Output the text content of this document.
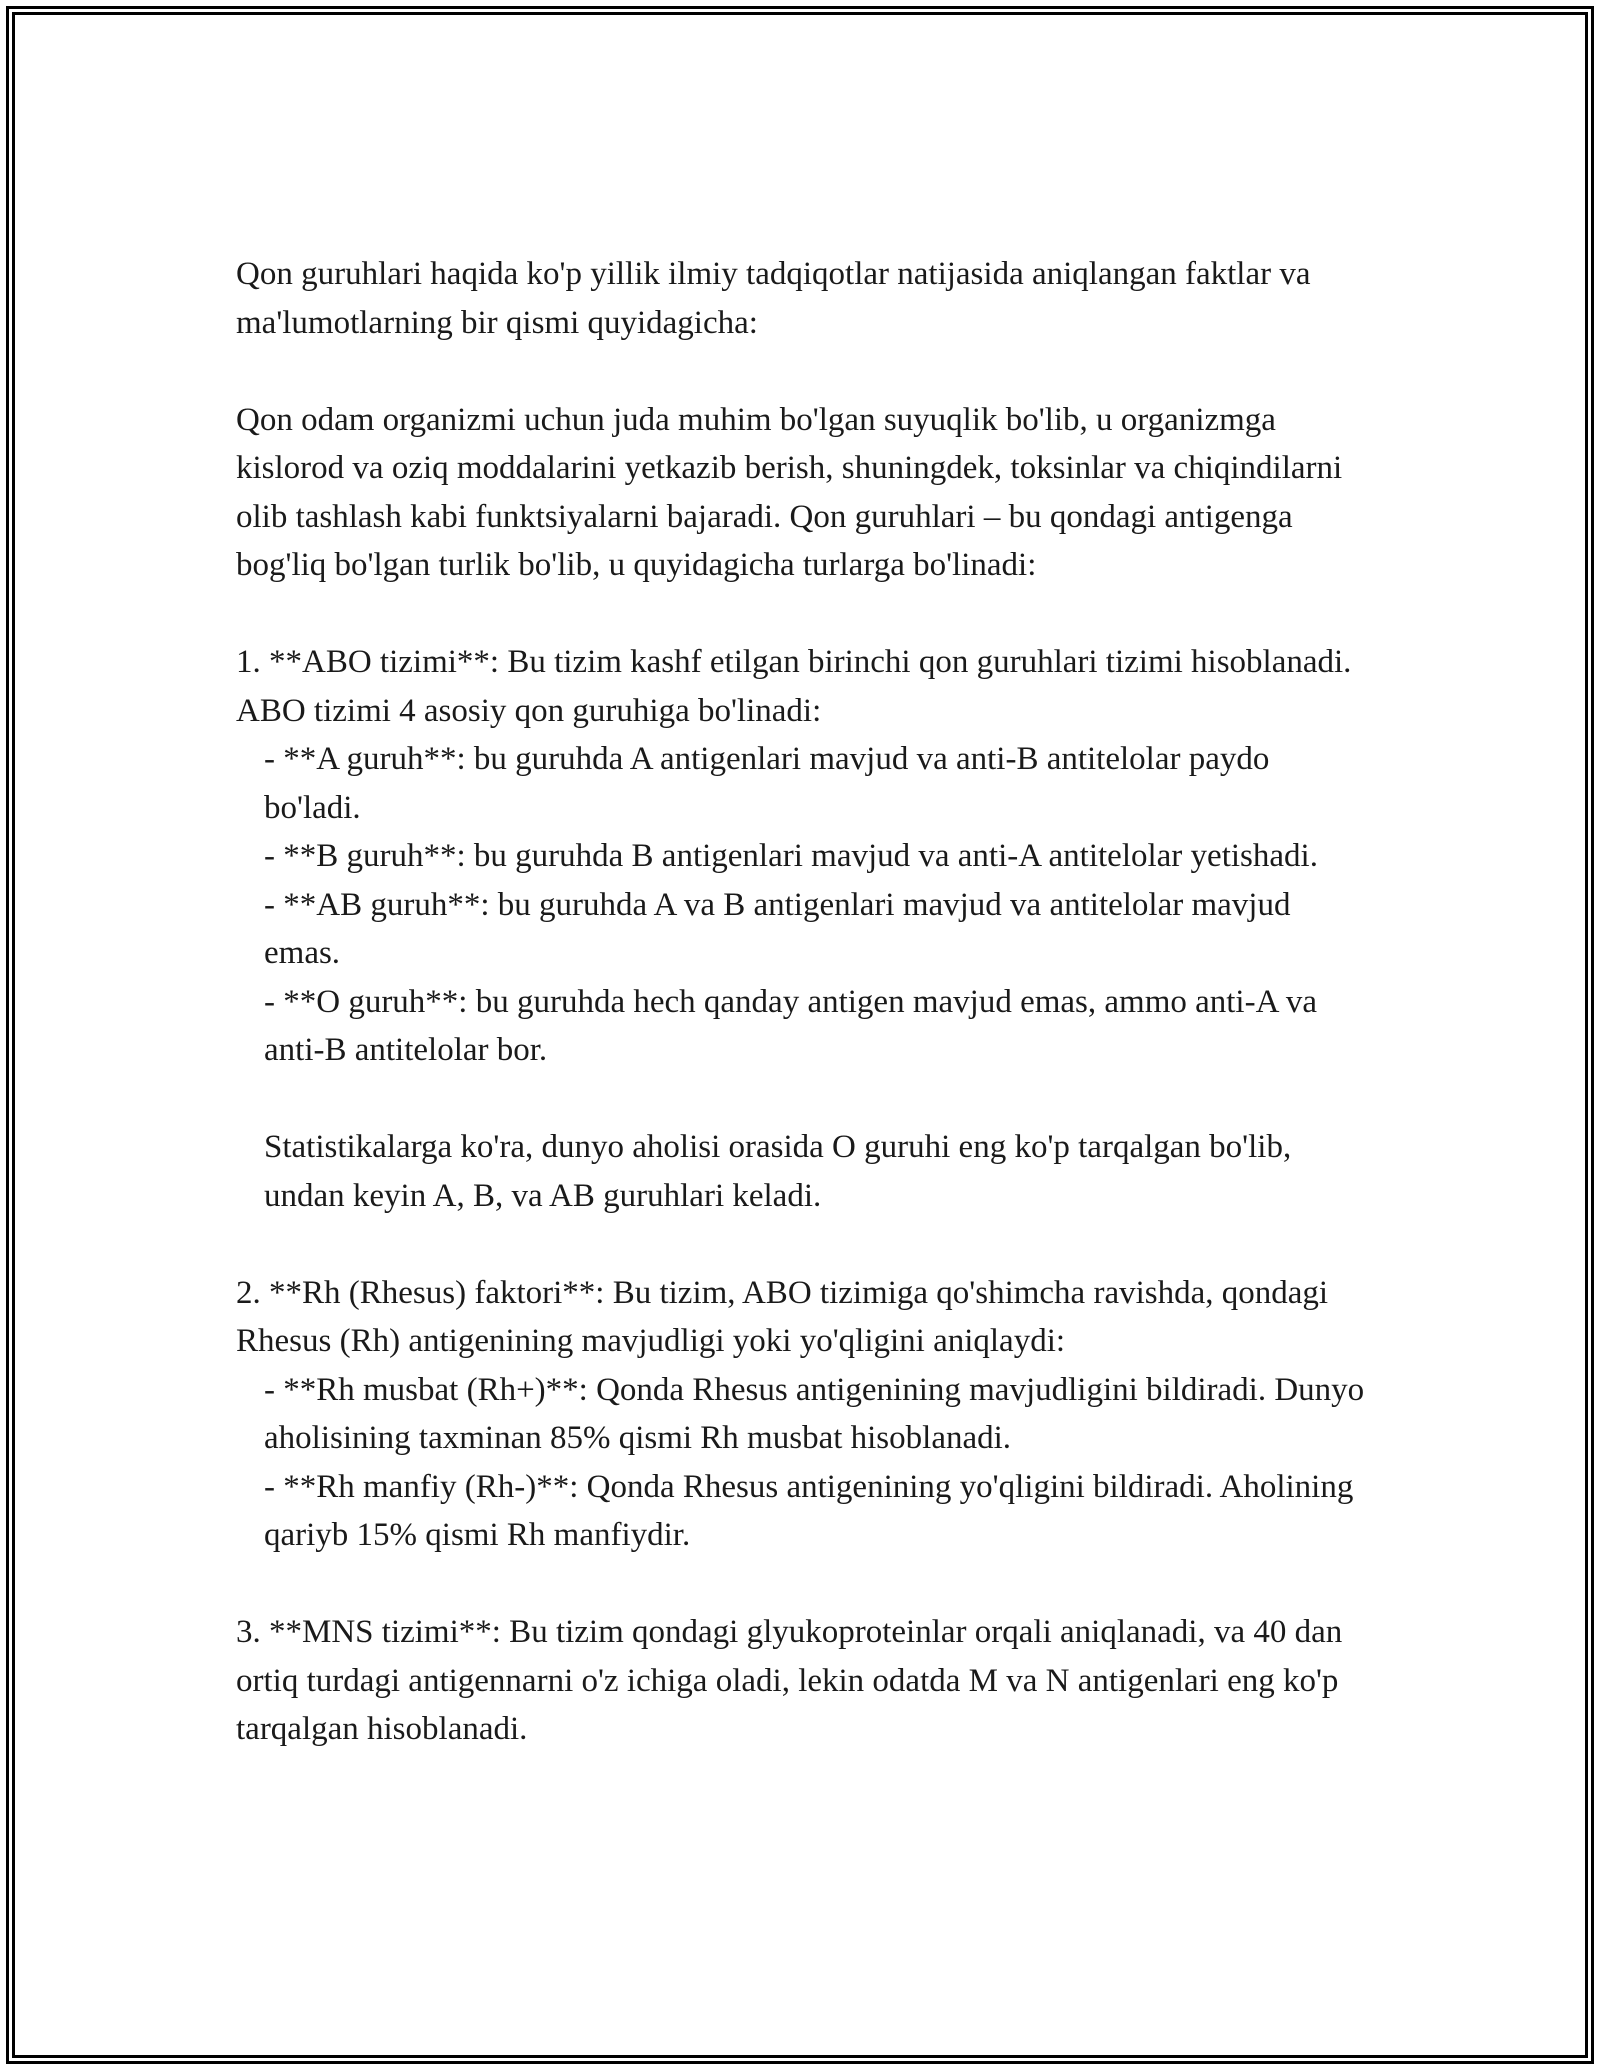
Qon guruhlari haqida ko'p yillik ilmiy tadqiqotlar natijasida aniqlangan faktlar va ma'lumotlarning bir qismi quyidagicha:

Qon odam organizmi uchun juda muhim bo'lgan suyuqlik bo'lib, u organizmga kislorod va oziq moddalarini yetkazib berish, shuningdek, toksinlar va chiqindilarni olib tashlash kabi funktsiyalarni bajaradi. Qon guruhlari – bu qondagi antigenga bog'liq bo'lgan turlik bo'lib, u quyidagicha turlarga bo'linadi:

1. **ABO tizimi**: Bu tizim kashf etilgan birinchi qon guruhlari tizimi hisoblanadi. ABO tizimi 4 asosiy qon guruhiga bo'linadi:

- **A guruh**: bu guruhda A antigenlari mavjud va anti-B antitelolar paydo bo'ladi.

- **B guruh**: bu guruhda B antigenlari mavjud va anti-A antitelolar yetishadi.

- **AB guruh**: bu guruhda A va B antigenlari mavjud va antitelolar mavjud emas.

- **O guruh**: bu guruhda hech qanday antigen mavjud emas, ammo anti-A va anti-B antitelolar bor.

Statistikalarga ko'ra, dunyo aholisi orasida O guruhi eng ko'p tarqalgan bo'lib, undan keyin A, B, va AB guruhlari keladi.

2. **Rh (Rhesus) faktori**: Bu tizim, ABO tizimiga qo'shimcha ravishda, qondagi Rhesus (Rh) antigenining mavjudligi yoki yo'qligini aniqlaydi:

- **Rh musbat (Rh+)**: Qonda Rhesus antigenining mavjudligini bildiradi. Dunyo aholisining taxminan 85% qismi Rh musbat hisoblanadi.

- **Rh manfiy (Rh-)**: Qonda Rhesus antigenining yo'qligini bildiradi. Aholining qariyb 15% qismi Rh manfiydir.

3. **MNS tizimi**: Bu tizim qondagi glyukoproteinlar orqali aniqlanadi, va 40 dan ortiq turdagi antigennarni o'z ichiga oladi, lekin odatda M va N antigenlari eng ko'p tarqalgan hisoblanadi.
